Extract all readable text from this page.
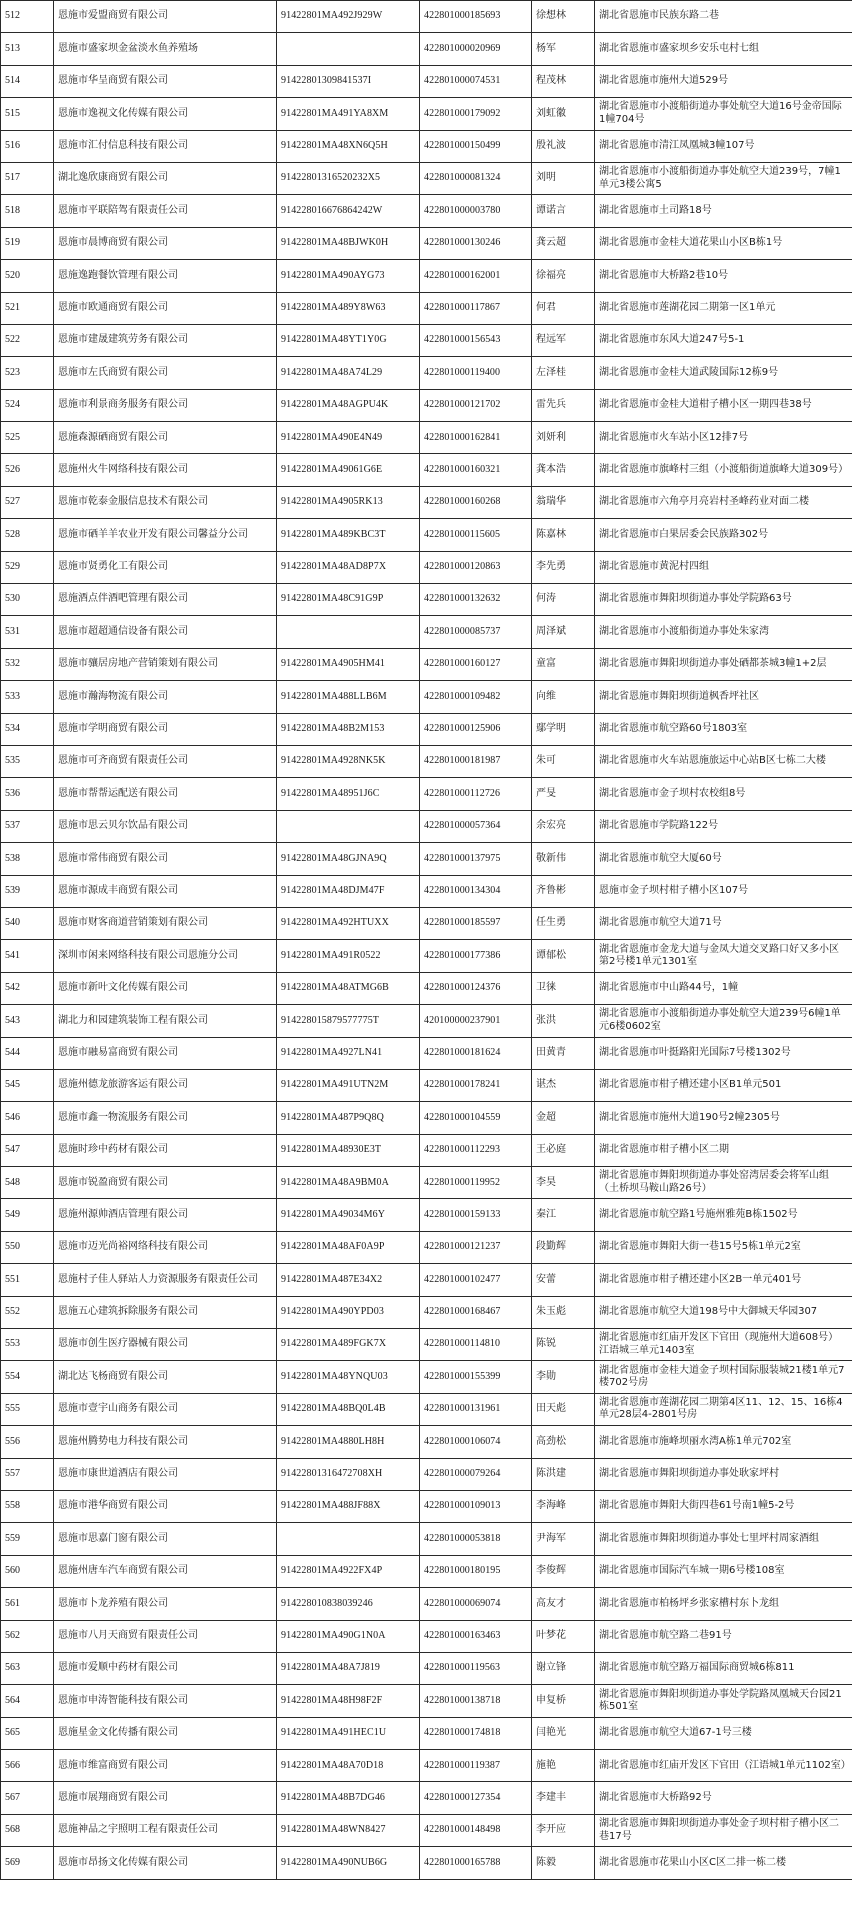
512	恩施市爱盟商贸有限公司	91422801MA492J929W	422801000185693	徐想林	湖北省恩施市民族东路二巷
513	恩施市盛家坝金盆淡水鱼养殖场		422801000020969	杨军	湖北省恩施市盛家坝乡安乐屯村七组
514	恩施市华呈商贸有限公司	91422801309841537I	422801000074531	程茂林	湖北省恩施市施州大道529号
515	恩施市逸视文化传媒有限公司	91422801MA491YA8XM	422801000179092	刘虹徽	湖北省恩施市小渡船街道办事处航空大道16号金帝国际1幢704号
516	恩施市汇付信息科技有限公司	91422801MA48XN6Q5H	422801000150499	殷礼波	湖北省恩施市清江凤凰城3幢107号
517	湖北逸欣康商贸有限公司	91422801316520232X5	422801000081324	刘明	湖北省恩施市小渡船街道办事处航空大道239号，7幢1单元3楼公寓5
518	恩施市平联陪驾有限责任公司	914228016676864242W	422801000003780	谭诺言	湖北省恩施市土司路18号
519	恩施市晨博商贸有限公司	91422801MA48BJWK0H	422801000130246	龚云超	湖北省恩施市金桂大道花果山小区B栋1号
520	恩施逸跑餐饮管理有限公司	91422801MA490AYG73	422801000162001	徐福亮	湖北省恩施市大桥路2巷10号
521	恩施市欧通商贸有限公司	91422801MA489Y8W63	422801000117867	何君	湖北省恩施市莲湖花园二期第一区1单元
522	恩施市建晟建筑劳务有限公司	91422801MA48YT1Y0G	422801000156543	程远军	湖北省恩施市东风大道247号5-1
523	恩施市左氏商贸有限公司	91422801MA48A74L29	422801000119400	左泽桂	湖北省恩施市金桂大道武陵国际12栋9号
524	恩施市利景商务服务有限公司	91422801MA48AGPU4K	422801000121702	雷先兵	湖北省恩施市金桂大道柑子槽小区一期四巷38号
525	恩施森源硒商贸有限公司	91422801MA490E4N49	422801000162841	刘妍利	湖北省恩施市火车站小区12排7号
526	恩施州火牛网络科技有限公司	91422801MA49061G6E	422801000160321	龚本浩	湖北省恩施市旗峰村三组（小渡船街道旗峰大道309号）
527	恩施市乾泰金服信息技术有限公司	91422801MA4905RK13	422801000160268	翁瑞华	湖北省恩施市六角亭月亮岩村圣峰药业对面二楼
528	恩施市硒羊羊农业开发有限公司馨益分公司	91422801MA489KBC3T	422801000115605	陈嘉林	湖北省恩施市白果居委会民族路302号
529	恩施市贤勇化工有限公司	91422801MA48AD8P7X	422801000120863	李先勇	湖北省恩施市黄泥村四组
530	恩施酒点伴酒吧管理有限公司	91422801MA48C91G9P	422801000132632	何涛	湖北省恩施市舞阳坝街道办事处学院路63号
531	恩施市超超通信设备有限公司		422801000085737	周泽斌	湖北省恩施市小渡船街道办事处朱家湾
532	恩施市骧居房地产营销策划有限公司	91422801MA4905HM41	422801000160127	童富	湖北省恩施市舞阳坝街道办事处硒都茶城3幢1+2层
533	恩施市瀚海物流有限公司	91422801MA488LLB6M	422801000109482	向维	湖北省恩施市舞阳坝街道枫香坪社区
534	恩施市学明商贸有限公司	91422801MA48B2M153	422801000125906	鄢学明	湖北省恩施市航空路60号1803室
535	恩施市可齐商贸有限责任公司	91422801MA4928NK5K	422801000181987	朱可	湖北省恩施市火车站恩施旅运中心站B区七栋二大楼
536	恩施市帮帮运配送有限公司	91422801MA48951J6C	422801000112726	严旻	湖北省恩施市金子坝村农校组8号
537	恩施市思云贝尔饮品有限公司		422801000057364	余宏亮	湖北省恩施市学院路122号
538	恩施市常伟商贸有限公司	91422801MA48GJNA9Q	422801000137975	敬新伟	湖北省恩施市航空大厦60号
539	恩施市源成丰商贸有限公司	91422801MA48DJM47F	422801000134304	齐鲁彬	恩施市金子坝村柑子槽小区107号
540	恩施市财客商道营销策划有限公司	91422801MA492HTUXX	422801000185597	任生勇	湖北省恩施市航空大道71号
541	深圳市闲来网络科技有限公司恩施分公司	91422801MA491R0522	422801000177386	谭郁松	湖北省恩施市金龙大道与金凤大道交叉路口好又多小区第2号楼1单元1301室
542	恩施市新叶文化传媒有限公司	91422801MA48ATMG6B	422801000124376	卫徕	湖北省恩施市中山路44号，1幢
543	湖北力和园建筑装饰工程有限公司	914228015879577775T	420100000237901	张洪	湖北省恩施市小渡船街道办事处航空大道239号6幢1单元6楼0602室
544	恩施市融易富商贸有限公司	91422801MA4927LN41	422801000181624	田黄青	湖北省恩施市叶挺路阳光国际7号楼1302号
545	恩施州德龙旅游客运有限公司	91422801MA491UTN2M	422801000178241	谌杰	湖北省恩施市柑子槽还建小区B1单元501
546	恩施市鑫一物流服务有限公司	91422801MA487P9Q8Q	422801000104559	金超	湖北省恩施市施州大道190号2幢2305号
547	恩施时珍中药材有限公司	91422801MA48930E3T	422801000112293	王必庭	湖北省恩施市柑子槽小区二期
548	恩施市锐盈商贸有限公司	91422801MA48A9BM0A	422801000119952	李昊	湖北省恩施市舞阳坝街道办事处窑湾居委会将军山组（土桥坝马鞍山路26号）
549	恩施州源帅酒店管理有限公司	91422801MA49034M6Y	422801000159133	秦江	湖北省恩施市航空路1号施州雅苑B栋1502号
550	恩施市迈光尚裕网络科技有限公司	91422801MA48AF0A9P	422801000121237	段勤辉	湖北省恩施市舞阳大街一巷15号5栋1单元2室
551	恩施村子佳人驿站人力资源服务有限责任公司	91422801MA487E34X2	422801000102477	安蕾	湖北省恩施市柑子槽还建小区2B一单元401号
552	恩施五心建筑拆除服务有限公司	91422801MA490YPD03	422801000168467	朱玉彪	湖北省恩施市航空大道198号中大御城天华园307
553	恩施市创生医疗器械有限公司	91422801MA489FGK7X	422801000114810	陈锐	湖北省恩施市红庙开发区下官田（现施州大道608号）江语城三单元1403室
554	湖北达飞杨商贸有限公司	91422801MA48YNQU03	422801000155399	李勋	湖北省恩施市金桂大道金子坝村国际服装城21楼1单元7楼702号房
555	恩施市壹宇山商务有限公司	91422801MA48BQ0L4B	422801000131961	田天彪	湖北省恩施市莲湖花园二期第4区11、12、15、16栋4单元28层4-2801号房
556	恩施州腾势电力科技有限公司	91422801MA4880LH8H	422801000106074	高劲松	湖北省恩施市施峰坝丽水湾A栋1单元702室
557	恩施市康世道酒店有限公司	91422801316472708XH	422801000079264	陈洪建	湖北省恩施市舞阳坝街道办事处耿家坪村
558	恩施市港华商贸有限公司	91422801MA488JF88X	422801000109013	李海峰	湖北省恩施市舞阳大街四巷61号南1幢5-2号
559	恩施市思嘉门窗有限公司		422801000053818	尹海军	湖北省恩施市舞阳坝街道办事处七里坪村周家酒组
560	恩施州唐车汽车商贸有限公司	91422801MA4922FX4P	422801000180195	李俊辉	湖北省恩施市国际汽车城一期6号楼108室
561	恩施市卜龙养殖有限公司	914228010838039246	422801000069074	高友才	湖北省恩施市柏杨坪乡张家槽村东卜龙组
562	恩施市八月天商贸有限责任公司	91422801MA490G1N0A	422801000163463	叶梦花	湖北省恩施市航空路二巷91号
563	恩施市爱顺中药材有限公司	91422801MA48A7J819	422801000119563	谢立锋	湖北省恩施市航空路万福国际商贸城6栋811
564	恩施市申涛智能科技有限公司	91422801MA48H98F2F	422801000138718	申复桥	湖北省恩施市舞阳坝街道办事处学院路凤凰城天台园21栋501室
565	恩施星金文化传播有限公司	91422801MA491HEC1U	422801000174818	闫艳光	湖北省恩施市航空大道67-1号三楼
566	恩施市维富商贸有限公司	91422801MA48A70D18	422801000119387	施艳	湖北省恩施市红庙开发区下官田（江语城1单元1102室）
567	恩施市展翔商贸有限公司	91422801MA48B7DG46	422801000127354	李建丰	湖北省恩施市大桥路92号
568	恩施神品之宇照明工程有限责任公司	91422801MA48WN8427	422801000148498	李开应	湖北省恩施市舞阳坝街道办事处金子坝村柑子槽小区二巷17号
569	恩施市昂扬文化传媒有限公司	91422801MA490NUB6G	422801000165788	陈毅	湖北省恩施市花果山小区C区二排一栋二楼
